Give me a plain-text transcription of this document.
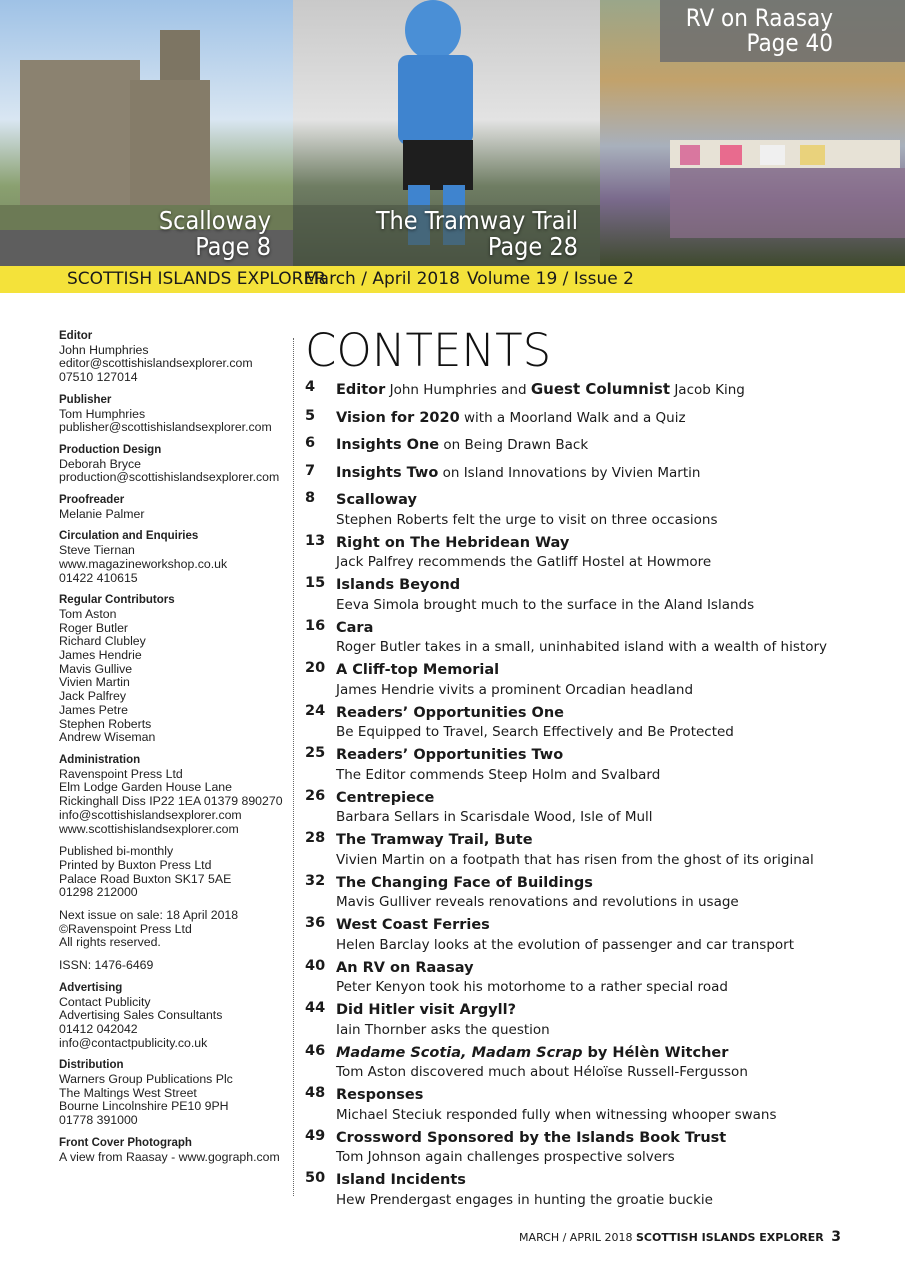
Scalloway
Page 8
The Tramway Trail
Page 28
RV on Raasay
Page 40
SCOTTISH ISLANDS EXPLORER
March / April 2018 Volume 19 / Issue 2
Editor
John Humphries
editor@scottishislandsexplorer.com
07510 127014
Publisher
Tom Humphries
publisher@scottishislandsexplorer.com
Production Design
Deborah Bryce
production@scottishislandsexplorer.com
Proofreader
Melanie Palmer
Circulation and Enquiries
Steve Tiernan
www.magazineworkshop.co.uk
01422 410615
Regular Contributors
Tom Aston
Roger Butler
Richard Clubley
James Hendrie
Mavis Gullive
Vivien Martin
Jack Palfrey
James Petre
Stephen Roberts
Andrew Wiseman
Administration
Ravenspoint Press Ltd
Elm Lodge Garden House Lane
Rickinghall Diss IP22 1EA 01379 890270
info@scottishislandsexplorer.com
www.scottishislandsexplorer.com
Published bi-monthly
Printed by Buxton Press Ltd
Palace Road Buxton SK17 5AE
01298 212000
Next issue on sale: 18 April 2018
©Ravenspoint Press Ltd
All rights reserved.
ISSN: 1476-6469
Advertising
Contact Publicity
Advertising Sales Consultants
01412 042042
info@contactpublicity.co.uk
Distribution
Warners Group Publications Plc
The Maltings West Street
Bourne Lincolnshire PE10 9PH
01778 391000
Front Cover Photograph
A view from Raasay - www.gograph.com
CONTENTS
4 Editor John Humphries and Guest Columnist Jacob King
5 Vision for 2020 with a Moorland Walk and a Quiz
6 Insights One on Being Drawn Back
7 Insights Two on Island Innovations by Vivien Martin
8 Scalloway
Stephen Roberts felt the urge to visit on three occasions
13 Right on The Hebridean Way
Jack Palfrey recommends the Gatliff Hostel at Howmore
15 Islands Beyond
Eeva Simola brought much to the surface in the Aland Islands
16 Cara
Roger Butler takes in a small, uninhabited island with a wealth of history
20 A Cliff-top Memorial
James Hendrie vivits a prominent Orcadian headland
24 Readers’ Opportunities One
Be Equipped to Travel, Search Effectively and Be Protected
25 Readers’ Opportunities Two
The Editor commends Steep Holm and Svalbard
26 Centrepiece
Barbara Sellars in Scarisdale Wood, Isle of Mull
28 The Tramway Trail, Bute
Vivien Martin on a footpath that has risen from the ghost of its original
32 The Changing Face of Buildings
Mavis Gulliver reveals renovations and revolutions in usage
36 West Coast Ferries
Helen Barclay looks at the evolution of passenger and car transport
40 An RV on Raasay
Peter Kenyon took his motorhome to a rather special road
44 Did Hitler visit Argyll?
Iain Thornber asks the question
46 Madame Scotia, Madam Scrap by Hélèn Witcher
Tom Aston discovered much about Héloïse Russell-Fergusson
48 Responses
Michael Steciuk responded fully when witnessing whooper swans
49 Crossword Sponsored by the Islands Book Trust
Tom Johnson again challenges prospective solvers
50 Island Incidents
Hew Prendergast engages in hunting the groatie buckie
MARCH / APRIL 2018 SCOTTISH ISLANDS EXPLORER 3
